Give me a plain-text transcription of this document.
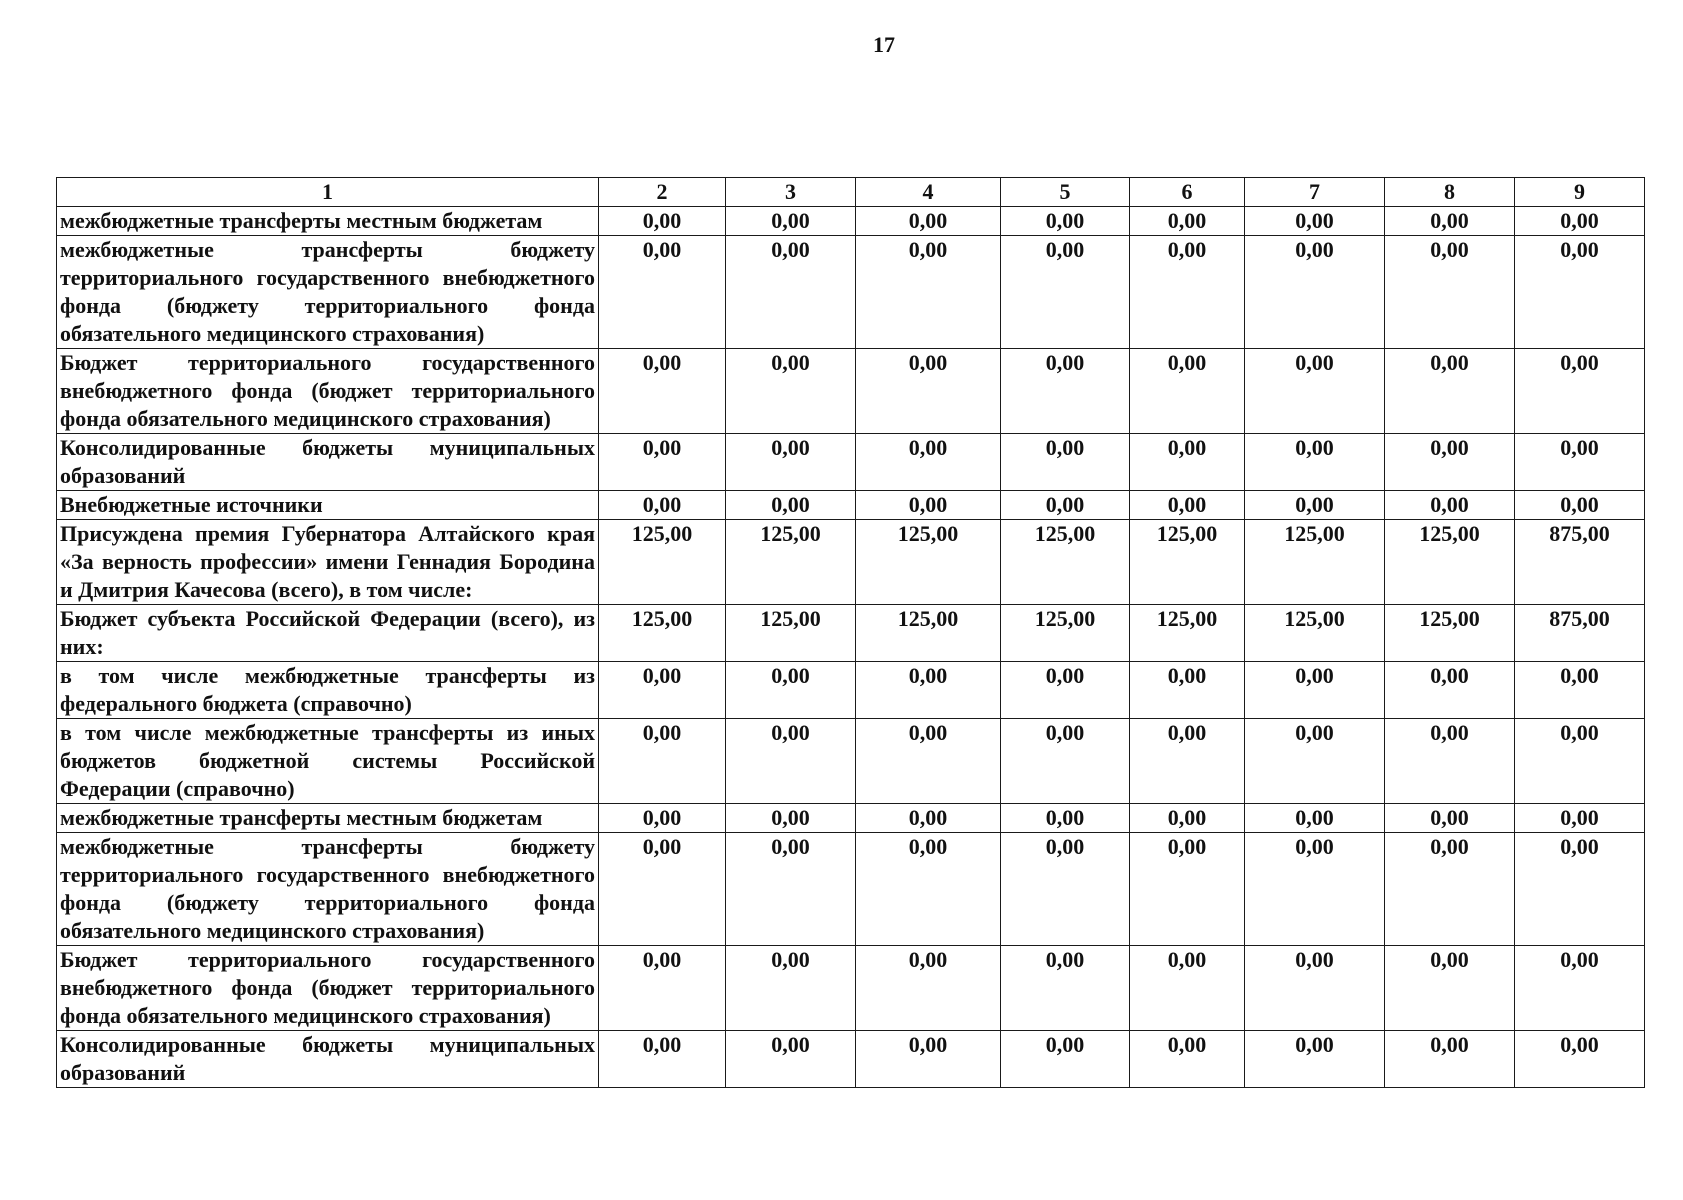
17
1	2	3	4	5	6	7	8	9
межбюджетные трансферты местным бюджетам	0,00	0,00	0,00	0,00	0,00	0,00	0,00	0,00
межбюджетные трансферты бюджету территориального государственного внебюджетного фонда (бюджету территориального фонда обязательного медицинского страхования)	0,00	0,00	0,00	0,00	0,00	0,00	0,00	0,00
Бюджет территориального государственного внебюджетного фонда (бюджет территориального фонда обязательного медицинского страхования)	0,00	0,00	0,00	0,00	0,00	0,00	0,00	0,00
Консолидированные бюджеты муниципальных образований	0,00	0,00	0,00	0,00	0,00	0,00	0,00	0,00
Внебюджетные источники	0,00	0,00	0,00	0,00	0,00	0,00	0,00	0,00
Присуждена премия Губернатора Алтайского края «За верность профессии» имени Геннадия Бородина и Дмитрия Качесова (всего), в том числе:	125,00	125,00	125,00	125,00	125,00	125,00	125,00	875,00
Бюджет субъекта Российской Федерации (всего), из них:	125,00	125,00	125,00	125,00	125,00	125,00	125,00	875,00
в том числе межбюджетные трансферты из федерального бюджета (справочно)	0,00	0,00	0,00	0,00	0,00	0,00	0,00	0,00
в том числе межбюджетные трансферты из иных бюджетов бюджетной системы Российской Федерации (справочно)	0,00	0,00	0,00	0,00	0,00	0,00	0,00	0,00
межбюджетные трансферты местным бюджетам	0,00	0,00	0,00	0,00	0,00	0,00	0,00	0,00
межбюджетные трансферты бюджету территориального государственного внебюджетного фонда (бюджету территориального фонда обязательного медицинского страхования)	0,00	0,00	0,00	0,00	0,00	0,00	0,00	0,00
Бюджет территориального государственного внебюджетного фонда (бюджет территориального фонда обязательного медицинского страхования)	0,00	0,00	0,00	0,00	0,00	0,00	0,00	0,00
Консолидированные бюджеты муниципальных образований	0,00	0,00	0,00	0,00	0,00	0,00	0,00	0,00
